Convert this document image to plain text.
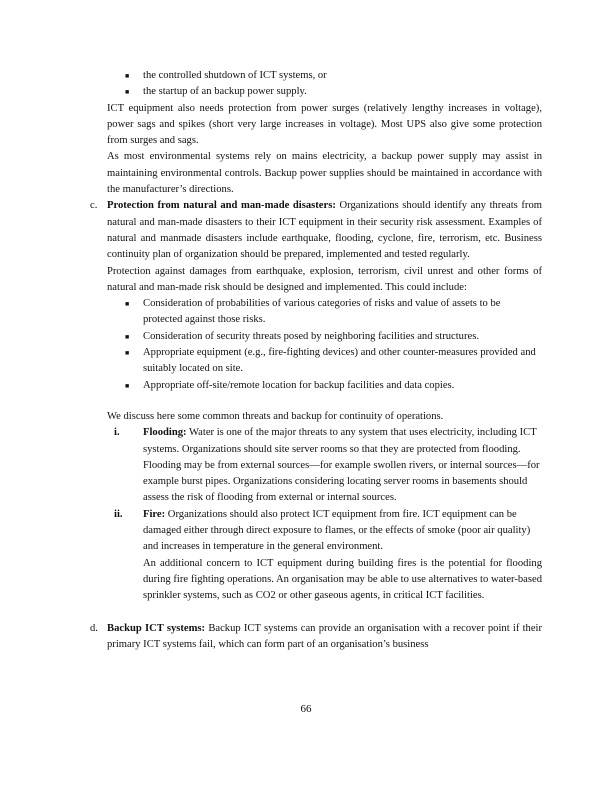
■ the controlled shutdown of ICT systems, or
■ the startup of an backup power supply.

ICT equipment also needs protection from power surges (relatively lengthy increases in voltage), power sags and spikes (short very large increases in voltage). Most UPS also give some protection from surges and sags.

As most environmental systems rely on mains electricity, a backup power supply may assist in maintaining environmental controls. Backup power supplies should be maintained in accordance with the manufacturer’s directions.

c. Protection from natural and man-made disasters: Organizations should identify any threats from natural and man-made disasters to their ICT equipment in their security risk assessment. Examples of natural and manmade disasters include earthquake, flooding, cyclone, fire, terrorism, etc. Business continuity plan of organization should be prepared, implemented and tested regularly.

Protection against damages from earthquake, explosion, terrorism, civil unrest and other forms of natural and man-made risk should be designed and implemented. This could include:

■ Consideration of probabilities of various categories of risks and value of assets to be protected against those risks.
■ Consideration of security threats posed by neighboring facilities and structures.
■ Appropriate equipment (e.g., fire-fighting devices) and other counter-measures provided and suitably located on site.
■ Appropriate off-site/remote location for backup facilities and data copies.

We discuss here some common threats and backup for continuity of operations.

i. Flooding: Water is one of the major threats to any system that uses electricity, including ICT systems. Organizations should site server rooms so that they are protected from flooding. Flooding may be from external sources—for example swollen rivers, or internal sources—for example burst pipes. Organizations considering locating server rooms in basements should assess the risk of flooding from external or internal sources.

ii. Fire: Organizations should also protect ICT equipment from fire. ICT equipment can be damaged either through direct exposure to flames, or the effects of smoke (poor air quality) and increases in temperature in the general environment.

An additional concern to ICT equipment during building fires is the potential for flooding during fire fighting operations. An organisation may be able to use alternatives to water-based sprinkler systems, such as CO2 or other gaseous agents, in critical ICT facilities.

d. Backup ICT systems: Backup ICT systems can provide an organisation with a recover point if their primary ICT systems fail, which can form part of an organisation’s business

66
